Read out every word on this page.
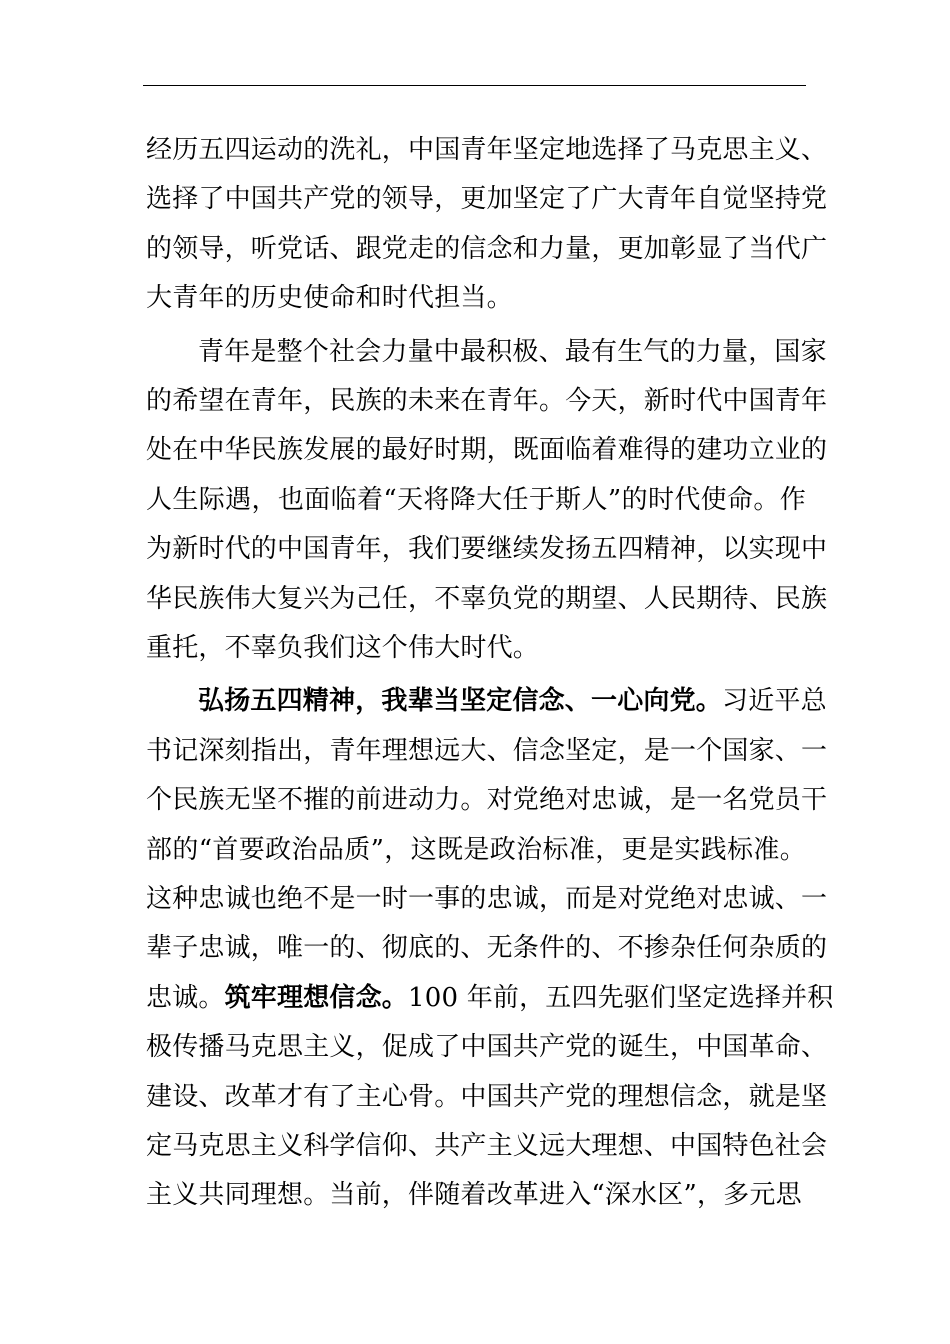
经历五四运动的洗礼，中国青年坚定地选择了马克思主义、
选择了中国共产党的领导，更加坚定了广大青年自觉坚持党
的领导，听党话、跟党走的信念和力量，更加彰显了当代广
大青年的历史使命和时代担当。
青年是整个社会力量中最积极、最有生气的力量，国家
的希望在青年，民族的未来在青年。今天，新时代中国青年
处在中华民族发展的最好时期，既面临着难得的建功立业的
人生际遇，也面临着“天将降大任于斯人”的时代使命。作
为新时代的中国青年，我们要继续发扬五四精神，以实现中
华民族伟大复兴为己任，不辜负党的期望、人民期待、民族
重托，不辜负我们这个伟大时代。
弘扬五四精神，我辈当坚定信念、一心向党。习近平总
书记深刻指出，青年理想远大、信念坚定，是一个国家、一
个民族无坚不摧的前进动力。对党绝对忠诚，是一名党员干
部的“首要政治品质”，这既是政治标准，更是实践标准。
这种忠诚也绝不是一时一事的忠诚，而是对党绝对忠诚、一
辈子忠诚，唯一的、彻底的、无条件的、不掺杂任何杂质的
忠诚。筑牢理想信念。100 年前，五四先驱们坚定选择并积
极传播马克思主义，促成了中国共产党的诞生，中国革命、
建设、改革才有了主心骨。中国共产党的理想信念，就是坚
定马克思主义科学信仰、共产主义远大理想、中国特色社会
主义共同理想。当前，伴随着改革进入“深水区”，多元思
